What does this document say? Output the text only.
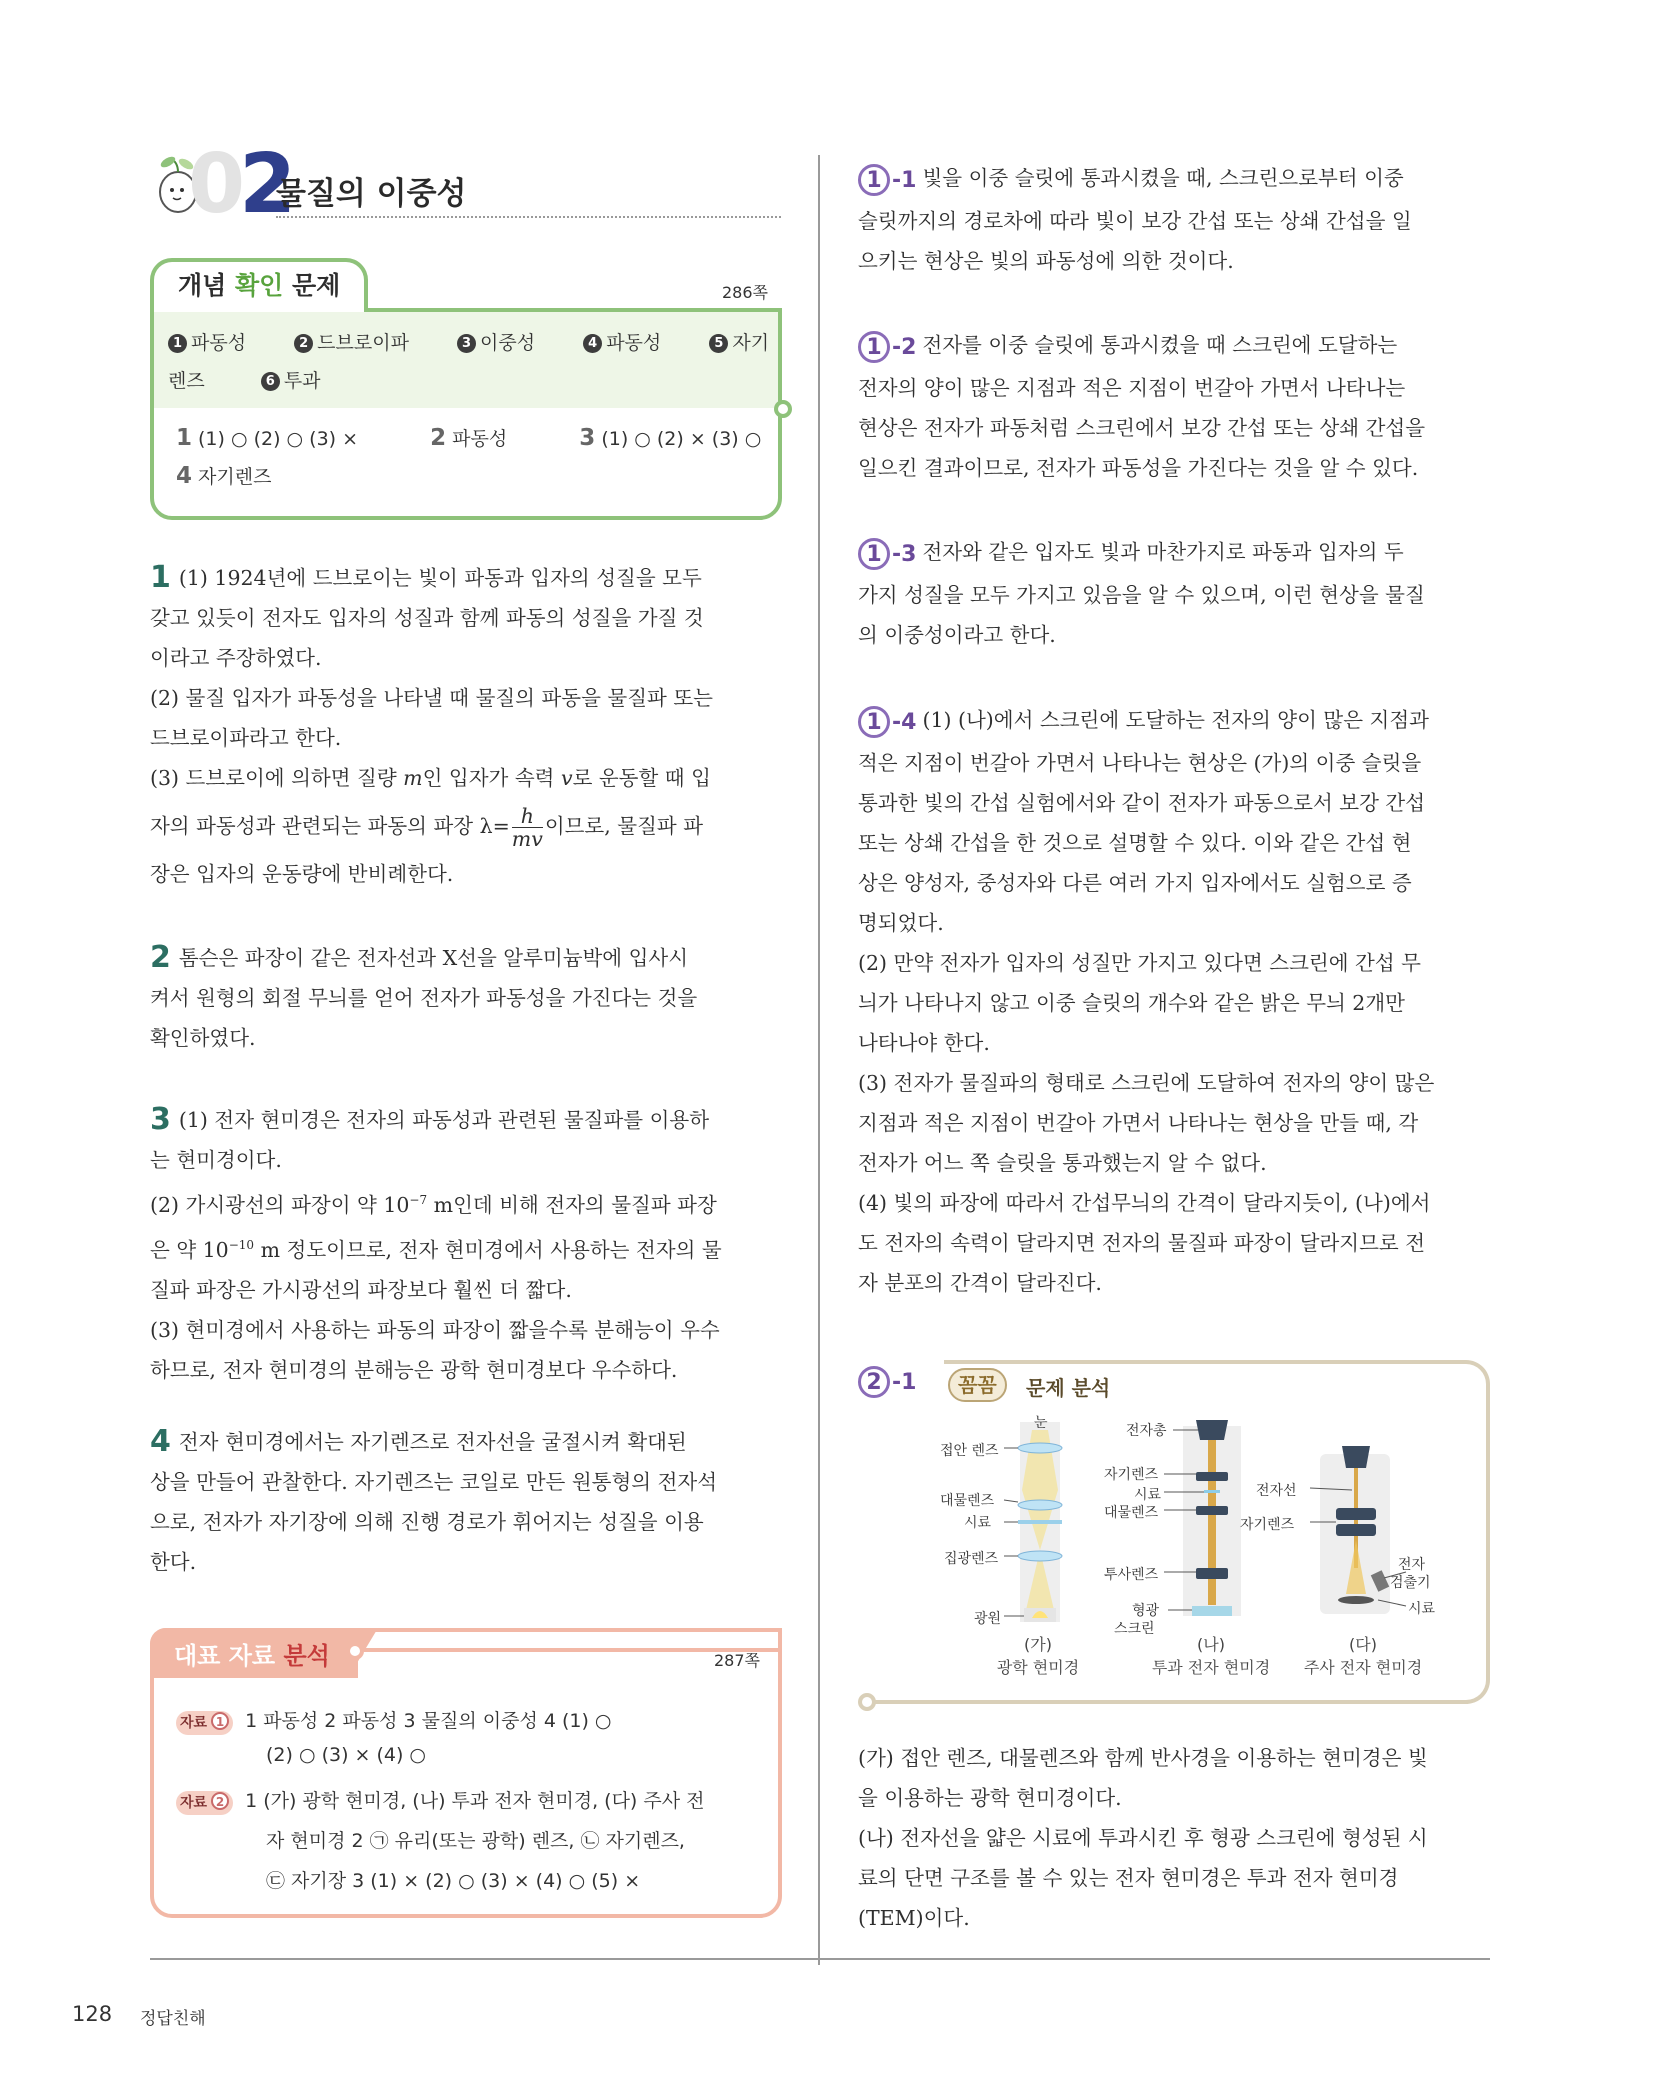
02
물질의 이중성
개념 확인 문제	286쪽
1 파동성	2 드브로이파	3 이중성	4 파동성	5 자기
렌즈	6 투과
1 (1) ○ (2) ○ (3) ×	2 파동성	3 (1) ○ (2) × (3) ○
4 자기렌즈
1 (1) 1924년에 드브로이는 빛이 파동과 입자의 성질을 모두
갖고 있듯이 전자도 입자의 성질과 함께 파동의 성질을 가질 것
이라고 주장하였다.
(2) 물질 입자가 파동성을 나타낼 때 물질의 파동을 물질파 또는
드브로이파라고 한다.
(3) 드브로이에 의하면 질량 m인 입자가 속력 v로 운동할 때 입
자의 파동성과 관련되는 파동의 파장 $\lambda= \frac{h}{mv}$ 이므로, 물질파 파
장은 입자의 운동량에 반비례한다.
2 톰슨은 파장이 같은 전자선과 X선을 알루미늄박에 입사시
켜서 원형의 회절 무늬를 얻어 전자가 파동성을 가진다는 것을
확인하였다.
3 (1) 전자 현미경은 전자의 파동성과 관련된 물질파를 이용하
는 현미경이다.
(2) 가시광선의 파장이 약 $10^{-7}$ m인데 비해 전자의 물질파 파장
은 약 $10^{-10}$ m 정도이므로, 전자 현미경에서 사용하는 전자의 물
질파 파장은 가시광선의 파장보다 훨씬 더 짧다.
(3) 현미경에서 사용하는 파동의 파장이 짧을수록 분해능이 우수
하므로, 전자 현미경의 분해능은 광학 현미경보다 우수하다.
4 전자 현미경에서는 자기렌즈로 전자선을 굴절시켜 확대된
상을 만들어 관찰한다. 자기렌즈는 코일로 만든 원통형의 전자석
으로, 전자가 자기장에 의해 진행 경로가 휘어지는 성질을 이용
한다.
대표 자료 분석	287쪽
자료 1 1 파동성 2 파동성 3 물질의 이중성 4 (1) ○
(2) ○ (3) × (4) ○
자료 2 1 (가) 광학 현미경, (나) 투과 전자 현미경, (다) 주사 전
자 현미경 2 ㉠ 유리(또는 광학) 렌즈, ㉡ 자기렌즈,
㉢ 자기장 3 (1) × (2) ○ (3) × (4) ○ (5) ×
1 -1 빛을 이중 슬릿에 통과시켰을 때, 스크린으로부터 이중
슬릿까지의 경로차에 따라 빛이 보강 간섭 또는 상쇄 간섭을 일
으키는 현상은 빛의 파동성에 의한 것이다.
1 -2 전자를 이중 슬릿에 통과시켰을 때 스크린에 도달하는
전자의 양이 많은 지점과 적은 지점이 번갈아 가면서 나타나는
현상은 전자가 파동처럼 스크린에서 보강 간섭 또는 상쇄 간섭을
일으킨 결과이므로, 전자가 파동성을 가진다는 것을 알 수 있다.
1 -3 전자와 같은 입자도 빛과 마찬가지로 파동과 입자의 두
가지 성질을 모두 가지고 있음을 알 수 있으며, 이런 현상을 물질
의 이중성이라고 한다.
1 -4 (1) (나)에서 스크린에 도달하는 전자의 양이 많은 지점과
적은 지점이 번갈아 가면서 나타나는 현상은 (가)의 이중 슬릿을
통과한 빛의 간섭 실험에서와 같이 전자가 파동으로서 보강 간섭
또는 상쇄 간섭을 한 것으로 설명할 수 있다. 이와 같은 간섭 현
상은 양성자, 중성자와 다른 여러 가지 입자에서도 실험으로 증
명되었다.
(2) 만약 전자가 입자의 성질만 가지고 있다면 스크린에 간섭 무
늬가 나타나지 않고 이중 슬릿의 개수와 같은 밝은 무늬 2개만
나타나야 한다.
(3) 전자가 물질파의 형태로 스크린에 도달하여 전자의 양이 많은
지점과 적은 지점이 번갈아 가면서 나타나는 현상을 만들 때, 각
전자가 어느 쪽 슬릿을 통과했는지 알 수 없다.
(4) 빛의 파장에 따라서 간섭무늬의 간격이 달라지듯이, (나)에서
도 전자의 속력이 달라지면 전자의 물질파 파장이 달라지므로 전
자 분포의 간격이 달라진다.
2 -1	꼼꼼	문제 분석
눈
접안 렌즈
대물렌즈
시료
집광렌즈
광원
전자총
자기렌즈
시료
대물렌즈
투사렌즈
형광
스크린
전자선
자기렌즈
전자
검출기
시료
(가)
광학 현미경
(나)
투과 전자 현미경
(다)
주사 전자 현미경
(가) 접안 렌즈, 대물렌즈와 함께 반사경을 이용하는 현미경은 빛
을 이용하는 광학 현미경이다.
(나) 전자선을 얇은 시료에 투과시킨 후 형광 스크린에 형성된 시
료의 단면 구조를 볼 수 있는 전자 현미경은 투과 전자 현미경
(TEM)이다.
128 정답친해
